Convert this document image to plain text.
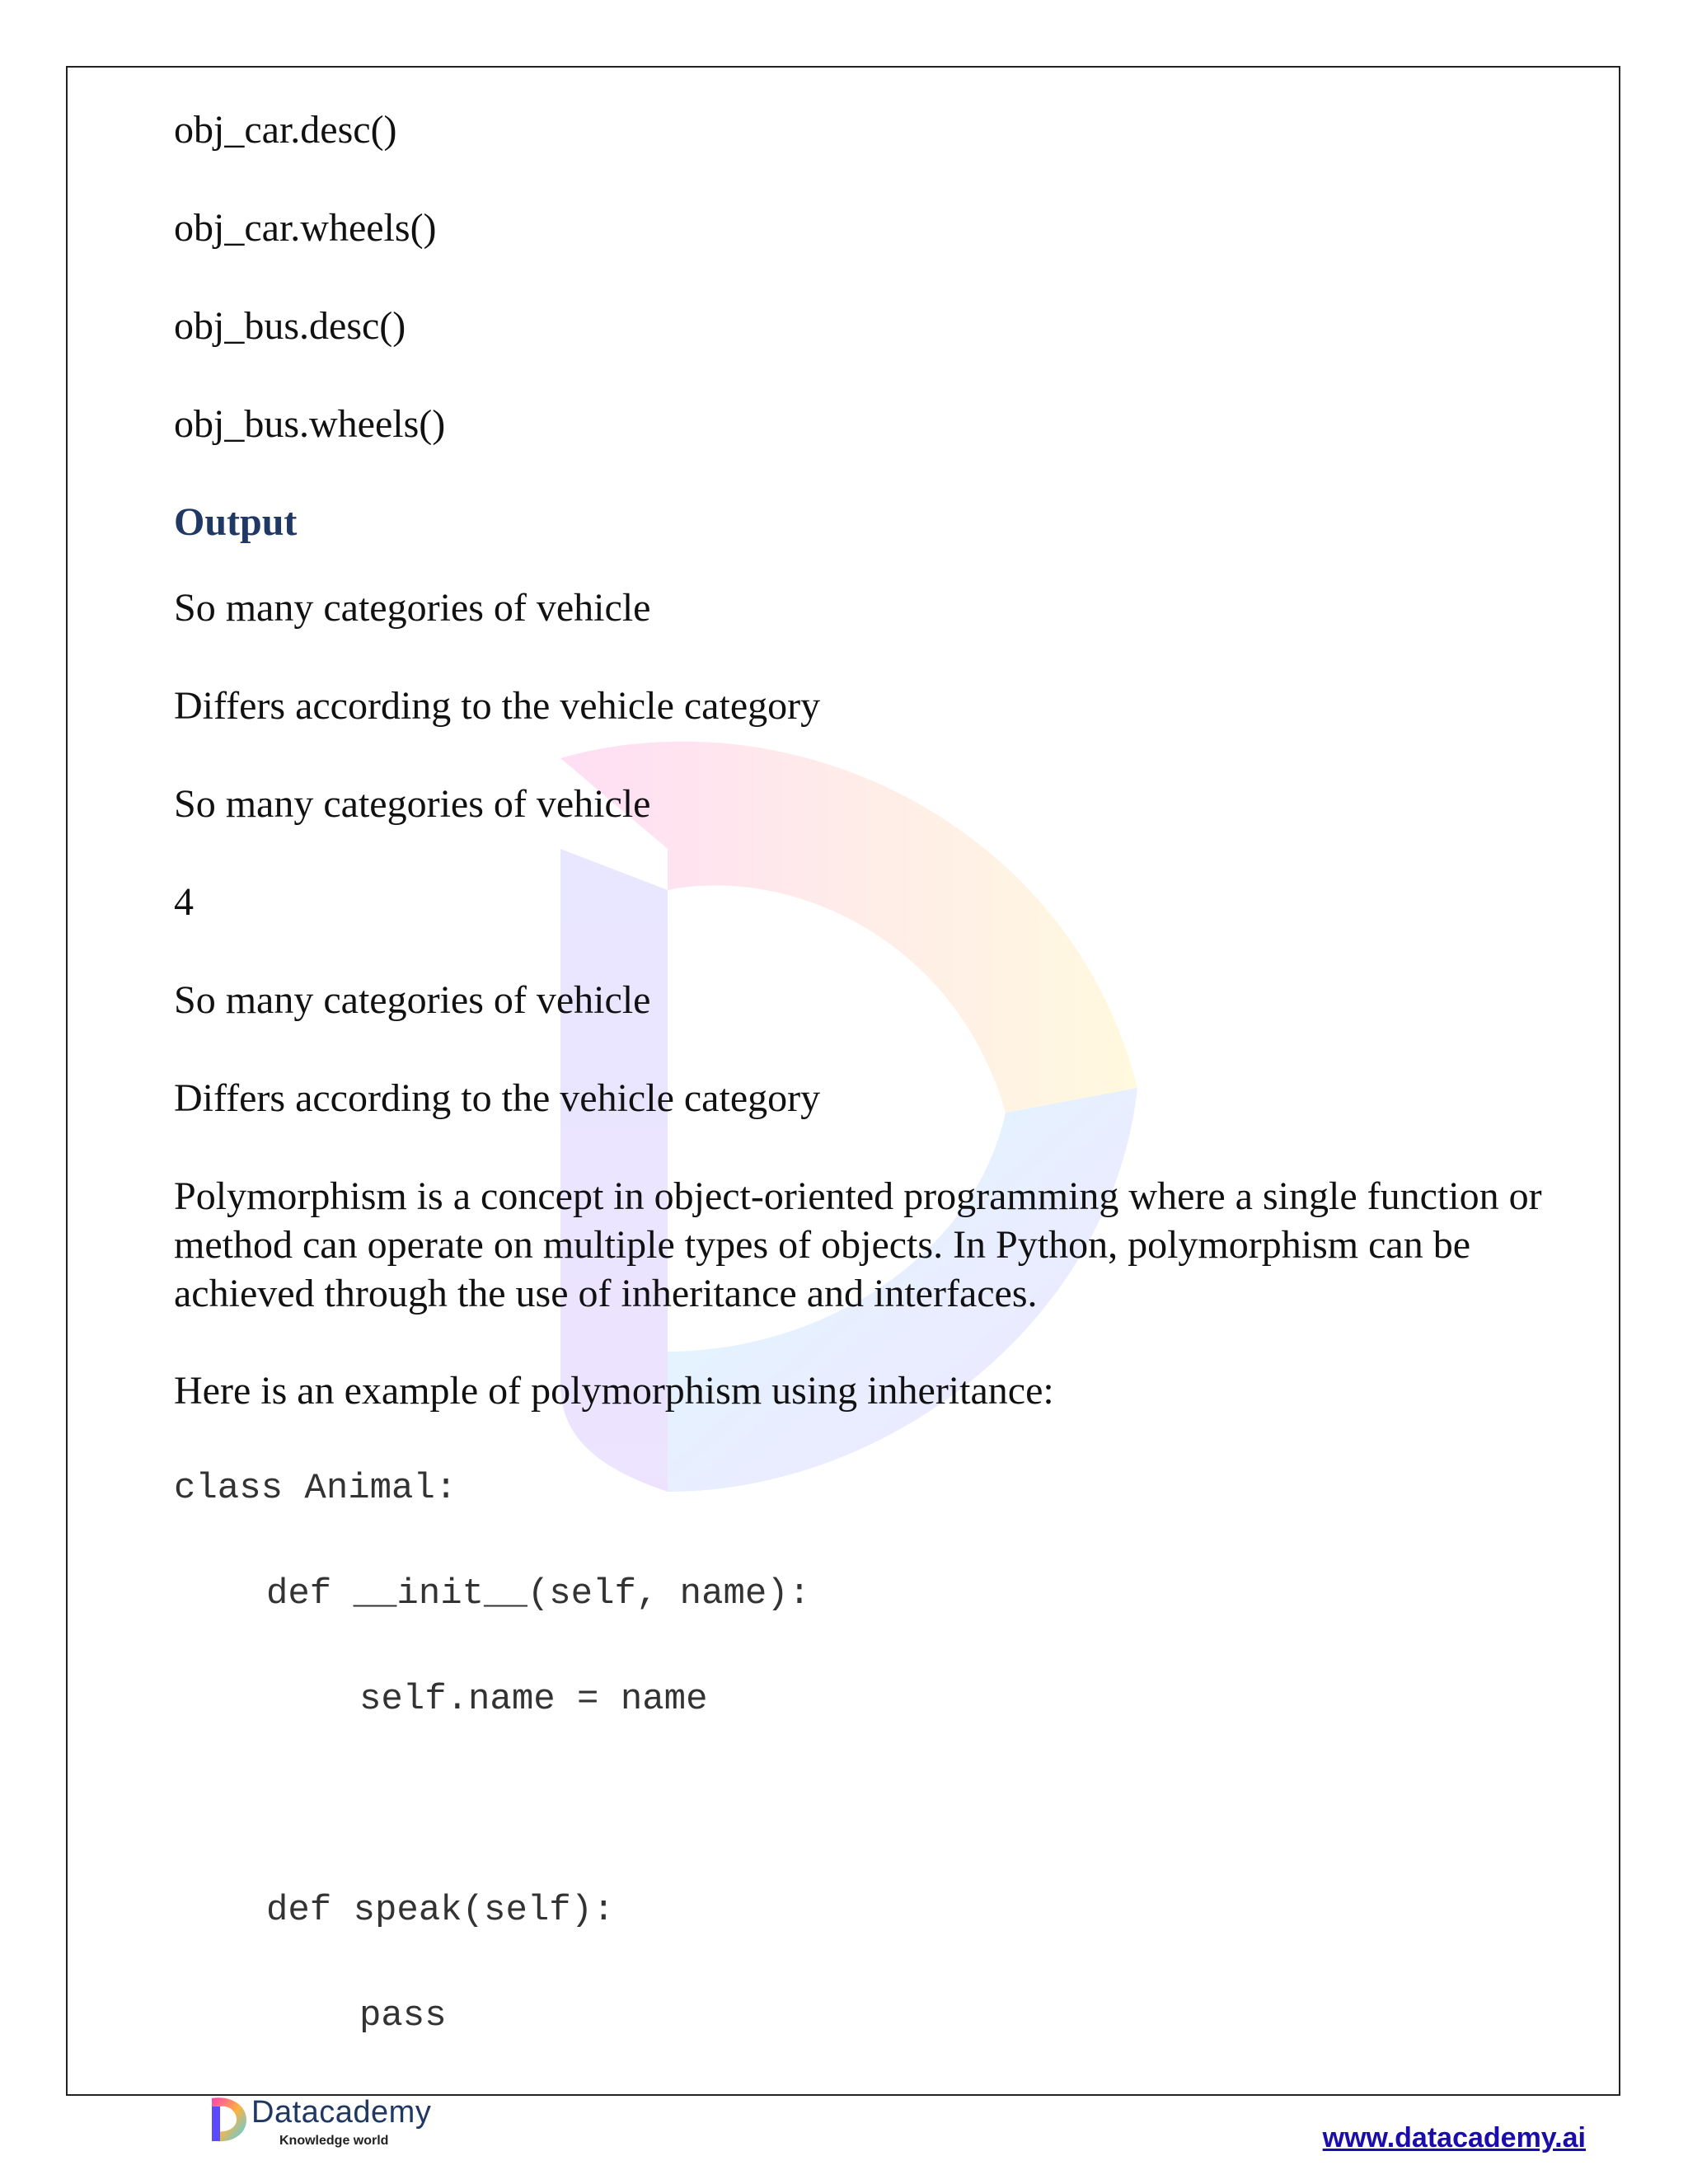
obj_car.desc()

obj_car.wheels()

obj_bus.desc()

obj_bus.wheels()

Output

So many categories of vehicle

Differs according to the vehicle category

So many categories of vehicle

4

So many categories of vehicle

Differs according to the vehicle category

Polymorphism is a concept in object-oriented programming where a single function or method can operate on multiple types of objects. In Python, polymorphism can be achieved through the use of inheritance and interfaces.

Here is an example of polymorphism using inheritance:

class Animal:

def __init__(self, name):

self.name = name

def speak(self):

pass

Datacademy
Knowledge world	www.datacademy.ai
